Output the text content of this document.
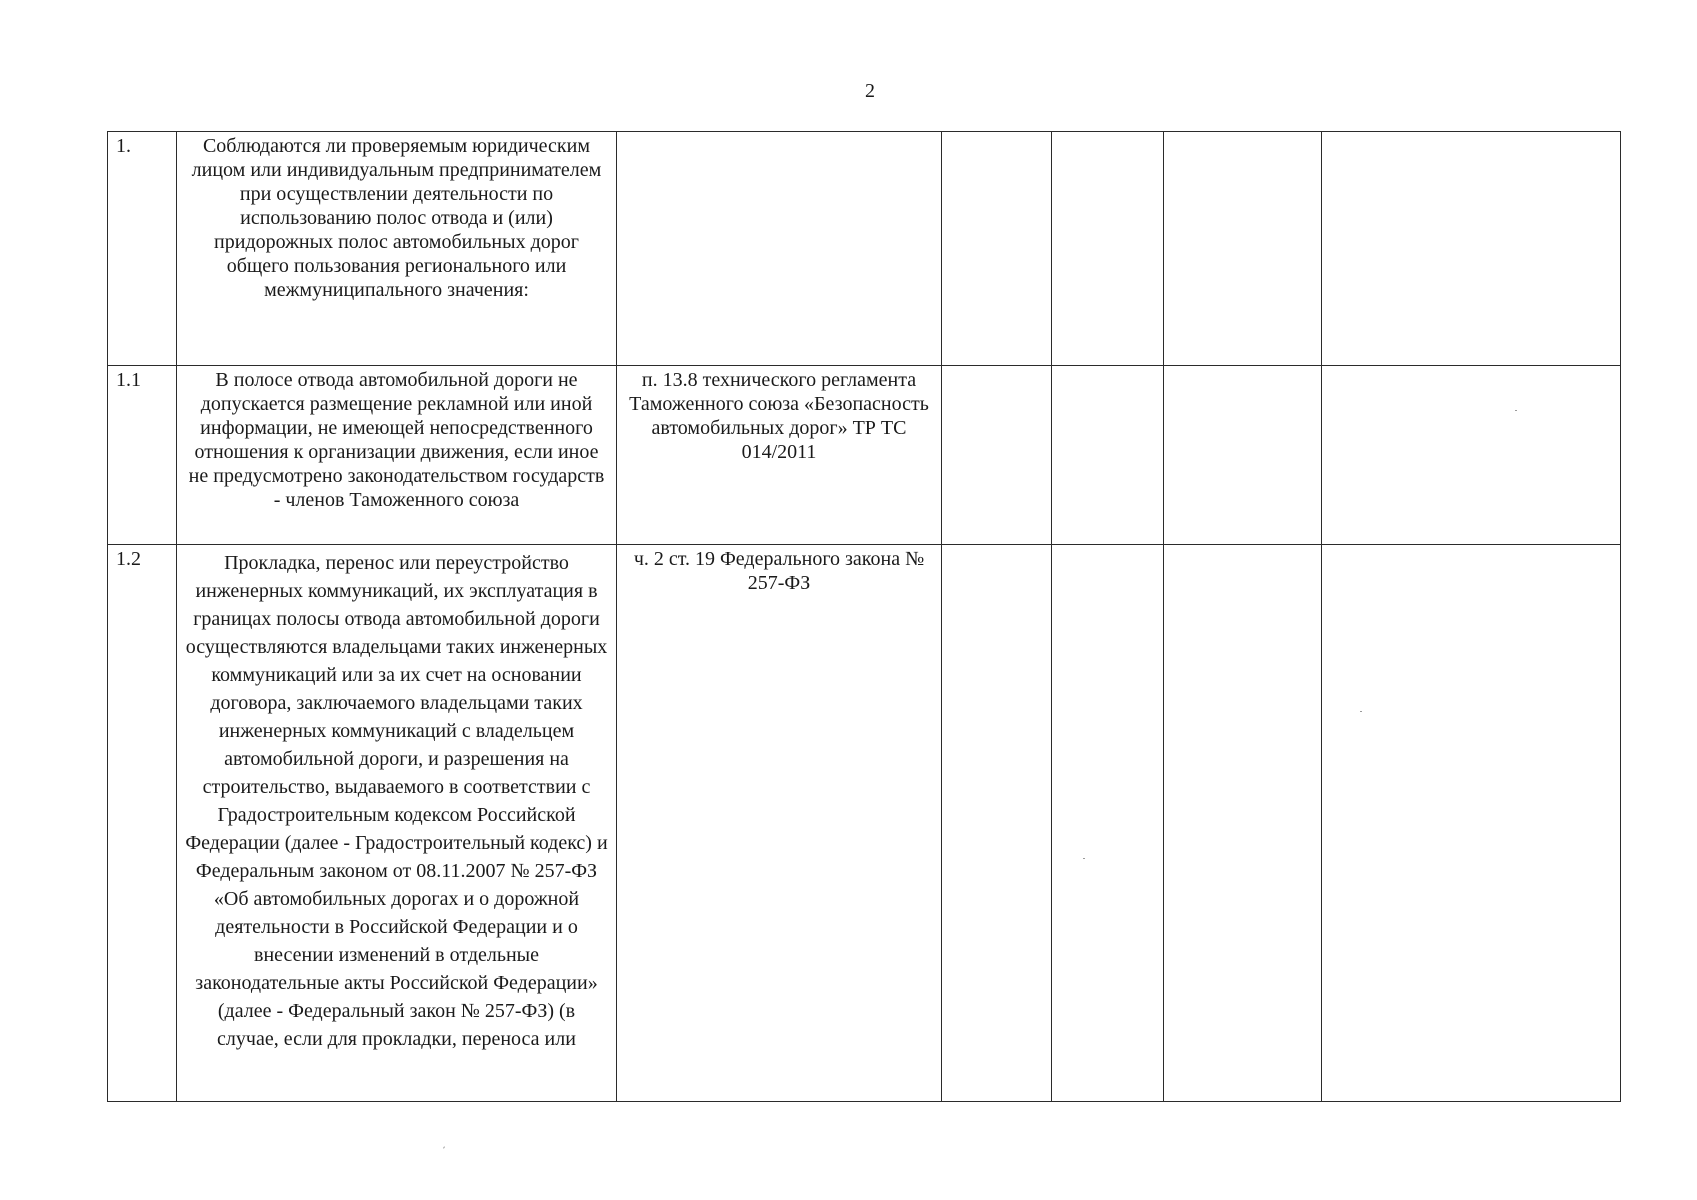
2
1.	Соблюдаются ли проверяемым юридическим лицом или индивидуальным предпринимателем при осуществлении деятельности по использованию полос отвода и (или) придорожных полос автомобильных дорог общего пользования регионального или межмуниципального значения:					
1.1	В полосе отвода автомобильной дороги не допускается размещение рекламной или иной информации, не имеющей непосредственного отношения к организации движения, если иное не предусмотрено законодательством государств - членов Таможенного союза	п. 13.8 технического регламента Таможенного союза «Безопасность автомобильных дорог» ТР ТС 014/2011				
1.2	Прокладка, перенос или переустройство инженерных коммуникаций, их эксплуатация в границах полосы отвода автомобильной дороги осуществляются владельцами таких инженерных коммуникаций или за их счет на основании договора, заключаемого владельцами таких инженерных коммуникаций с владельцем автомобильной дороги, и разрешения на строительство, выдаваемого в соответствии с Градостроительным кодексом Российской Федерации (далее - Градостроительный кодекс) и Федеральным законом от 08.11.2007 № 257-ФЗ «Об автомобильных дорогах и о дорожной деятельности в Российской Федерации и о внесении изменений в отдельные законодательные акты Российской Федерации» (далее - Федеральный закон № 257-ФЗ) (в случае, если для прокладки, переноса или	ч. 2 ст. 19 Федерального закона № 257-ФЗ				
